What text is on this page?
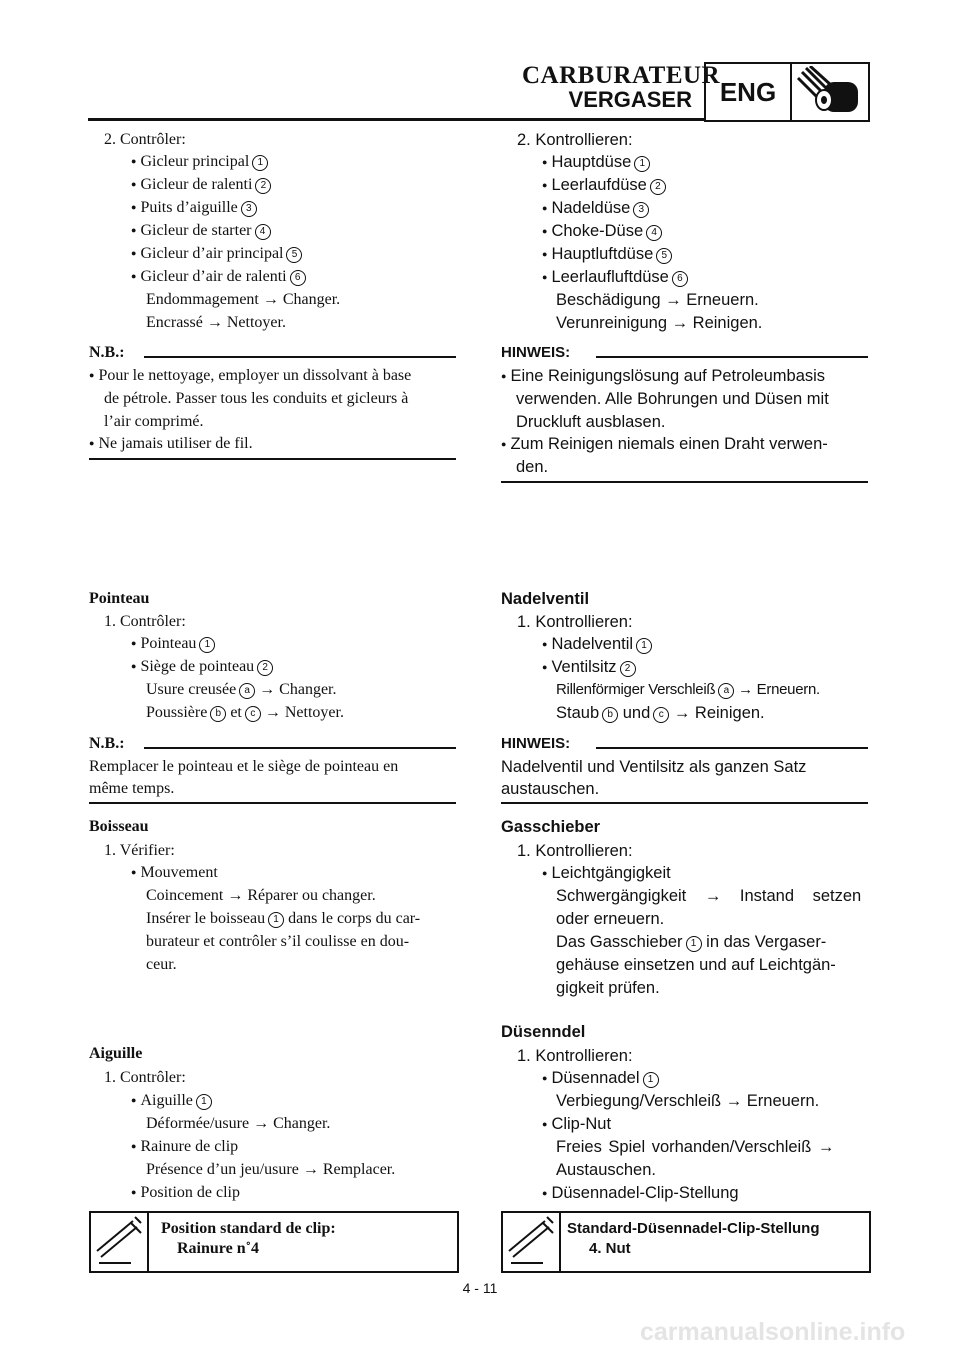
CARBURATEUR
VERGASER	ENG
2. Contrôler:
● Gicleur principal 1
● Gicleur de ralenti 2
● Puits d’aiguille 3
● Gicleur de starter 4
● Gicleur d’air principal 5
● Gicleur d’air de ralenti 6
Endommagement → Changer.
Encrassé → Nettoyer.
N.B.:
● Pour le nettoyage, employer un dissolvant à base
de pétrole. Passer tous les conduits et gicleurs à
l’air comprimé.
● Ne jamais utiliser de fil.
Pointeau
1. Contrôler:
● Pointeau 1
● Siège de pointeau 2
Usure creusée a → Changer.
Poussière b et c → Nettoyer.
N.B.:
Remplacer le pointeau et le siège de pointeau en
même temps.
Boisseau
1. Vérifier:
● Mouvement
Coincement → Réparer ou changer.
Insérer le boisseau 1 dans le corps du car-
burateur et contrôler s’il coulisse en dou-
ceur.
Aiguille
1. Contrôler:
● Aiguille 1
Déformée/usure → Changer.
● Rainure de clip
Présence d’un jeu/usure → Remplacer.
● Position de clip
Position standard de clip:
Rainure n˚4
2. Kontrollieren:
● Hauptdüse 1
● Leerlaufdüse 2
● Nadeldüse 3
● Choke-Düse 4
● Hauptluftdüse 5
● Leerlaufluftdüse 6
Beschädigung → Erneuern.
Verunreinigung → Reinigen.
HINWEIS:
● Eine Reinigungslösung auf Petroleumbasis
verwenden. Alle Bohrungen und Düsen mit
Druckluft ausblasen.
● Zum Reinigen niemals einen Draht verwen-
den.
Nadelventil
1. Kontrollieren:
● Nadelventil 1
● Ventilsitz 2
Rillenförmiger Verschleiß a → Erneuern.
Staub b und c → Reinigen.
HINWEIS:
Nadelventil und Ventilsitz als ganzen Satz
austauschen.
Gasschieber
1. Kontrollieren:
● Leichtgängigkeit
Schwergängigkeit → Instand setzen
oder erneuern.
Das Gasschieber 1 in das Vergaser-
gehäuse einsetzen und auf Leichtgän-
gigkeit prüfen.
Düsenndel
1. Kontrollieren:
● Düsennadel 1
Verbiegung/Verschleiß → Erneuern.
● Clip-Nut
Freies Spiel vorhanden/Verschleiß →
Austauschen.
● Düsennadel-Clip-Stellung
Standard-Düsennadel-Clip-Stellung
4. Nut
4 - 11
carmanualsonline.info
